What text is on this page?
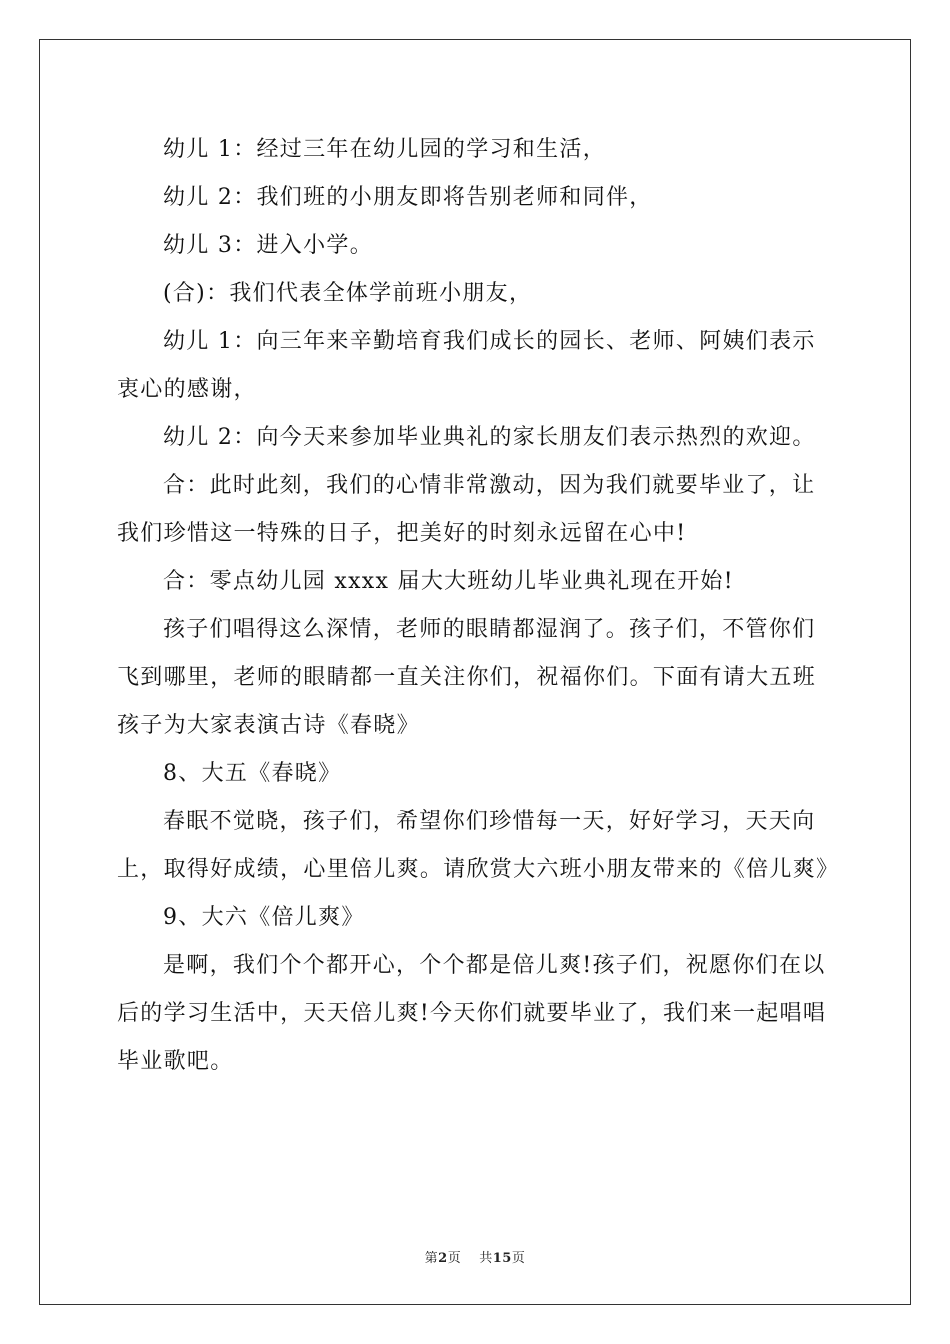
幼儿 1：经过三年在幼儿园的学习和生活，

幼儿 2：我们班的小朋友即将告别老师和同伴，

幼儿 3：进入小学。

(合)：我们代表全体学前班小朋友，

幼儿 1：向三年来辛勤培育我们成长的园长、老师、阿姨们表示衷心的感谢，

幼儿 2：向今天来参加毕业典礼的家长朋友们表示热烈的欢迎。

合：此时此刻，我们的心情非常激动，因为我们就要毕业了，让我们珍惜这一特殊的日子，把美好的时刻永远留在心中!

合：零点幼儿园 xxxx 届大大班幼儿毕业典礼现在开始!

孩子们唱得这么深情，老师的眼睛都湿润了。孩子们，不管你们飞到哪里，老师的眼睛都一直关注你们，祝福你们。下面有请大五班孩子为大家表演古诗《春晓》

8、大五《春晓》

春眠不觉晓，孩子们，希望你们珍惜每一天，好好学习，天天向上，取得好成绩，心里倍儿爽。请欣赏大六班小朋友带来的《倍儿爽》

9、大六《倍儿爽》

是啊，我们个个都开心，个个都是倍儿爽!孩子们，祝愿你们在以后的学习生活中，天天倍儿爽!今天你们就要毕业了，我们来一起唱唱毕业歌吧。

第2页 共15页
